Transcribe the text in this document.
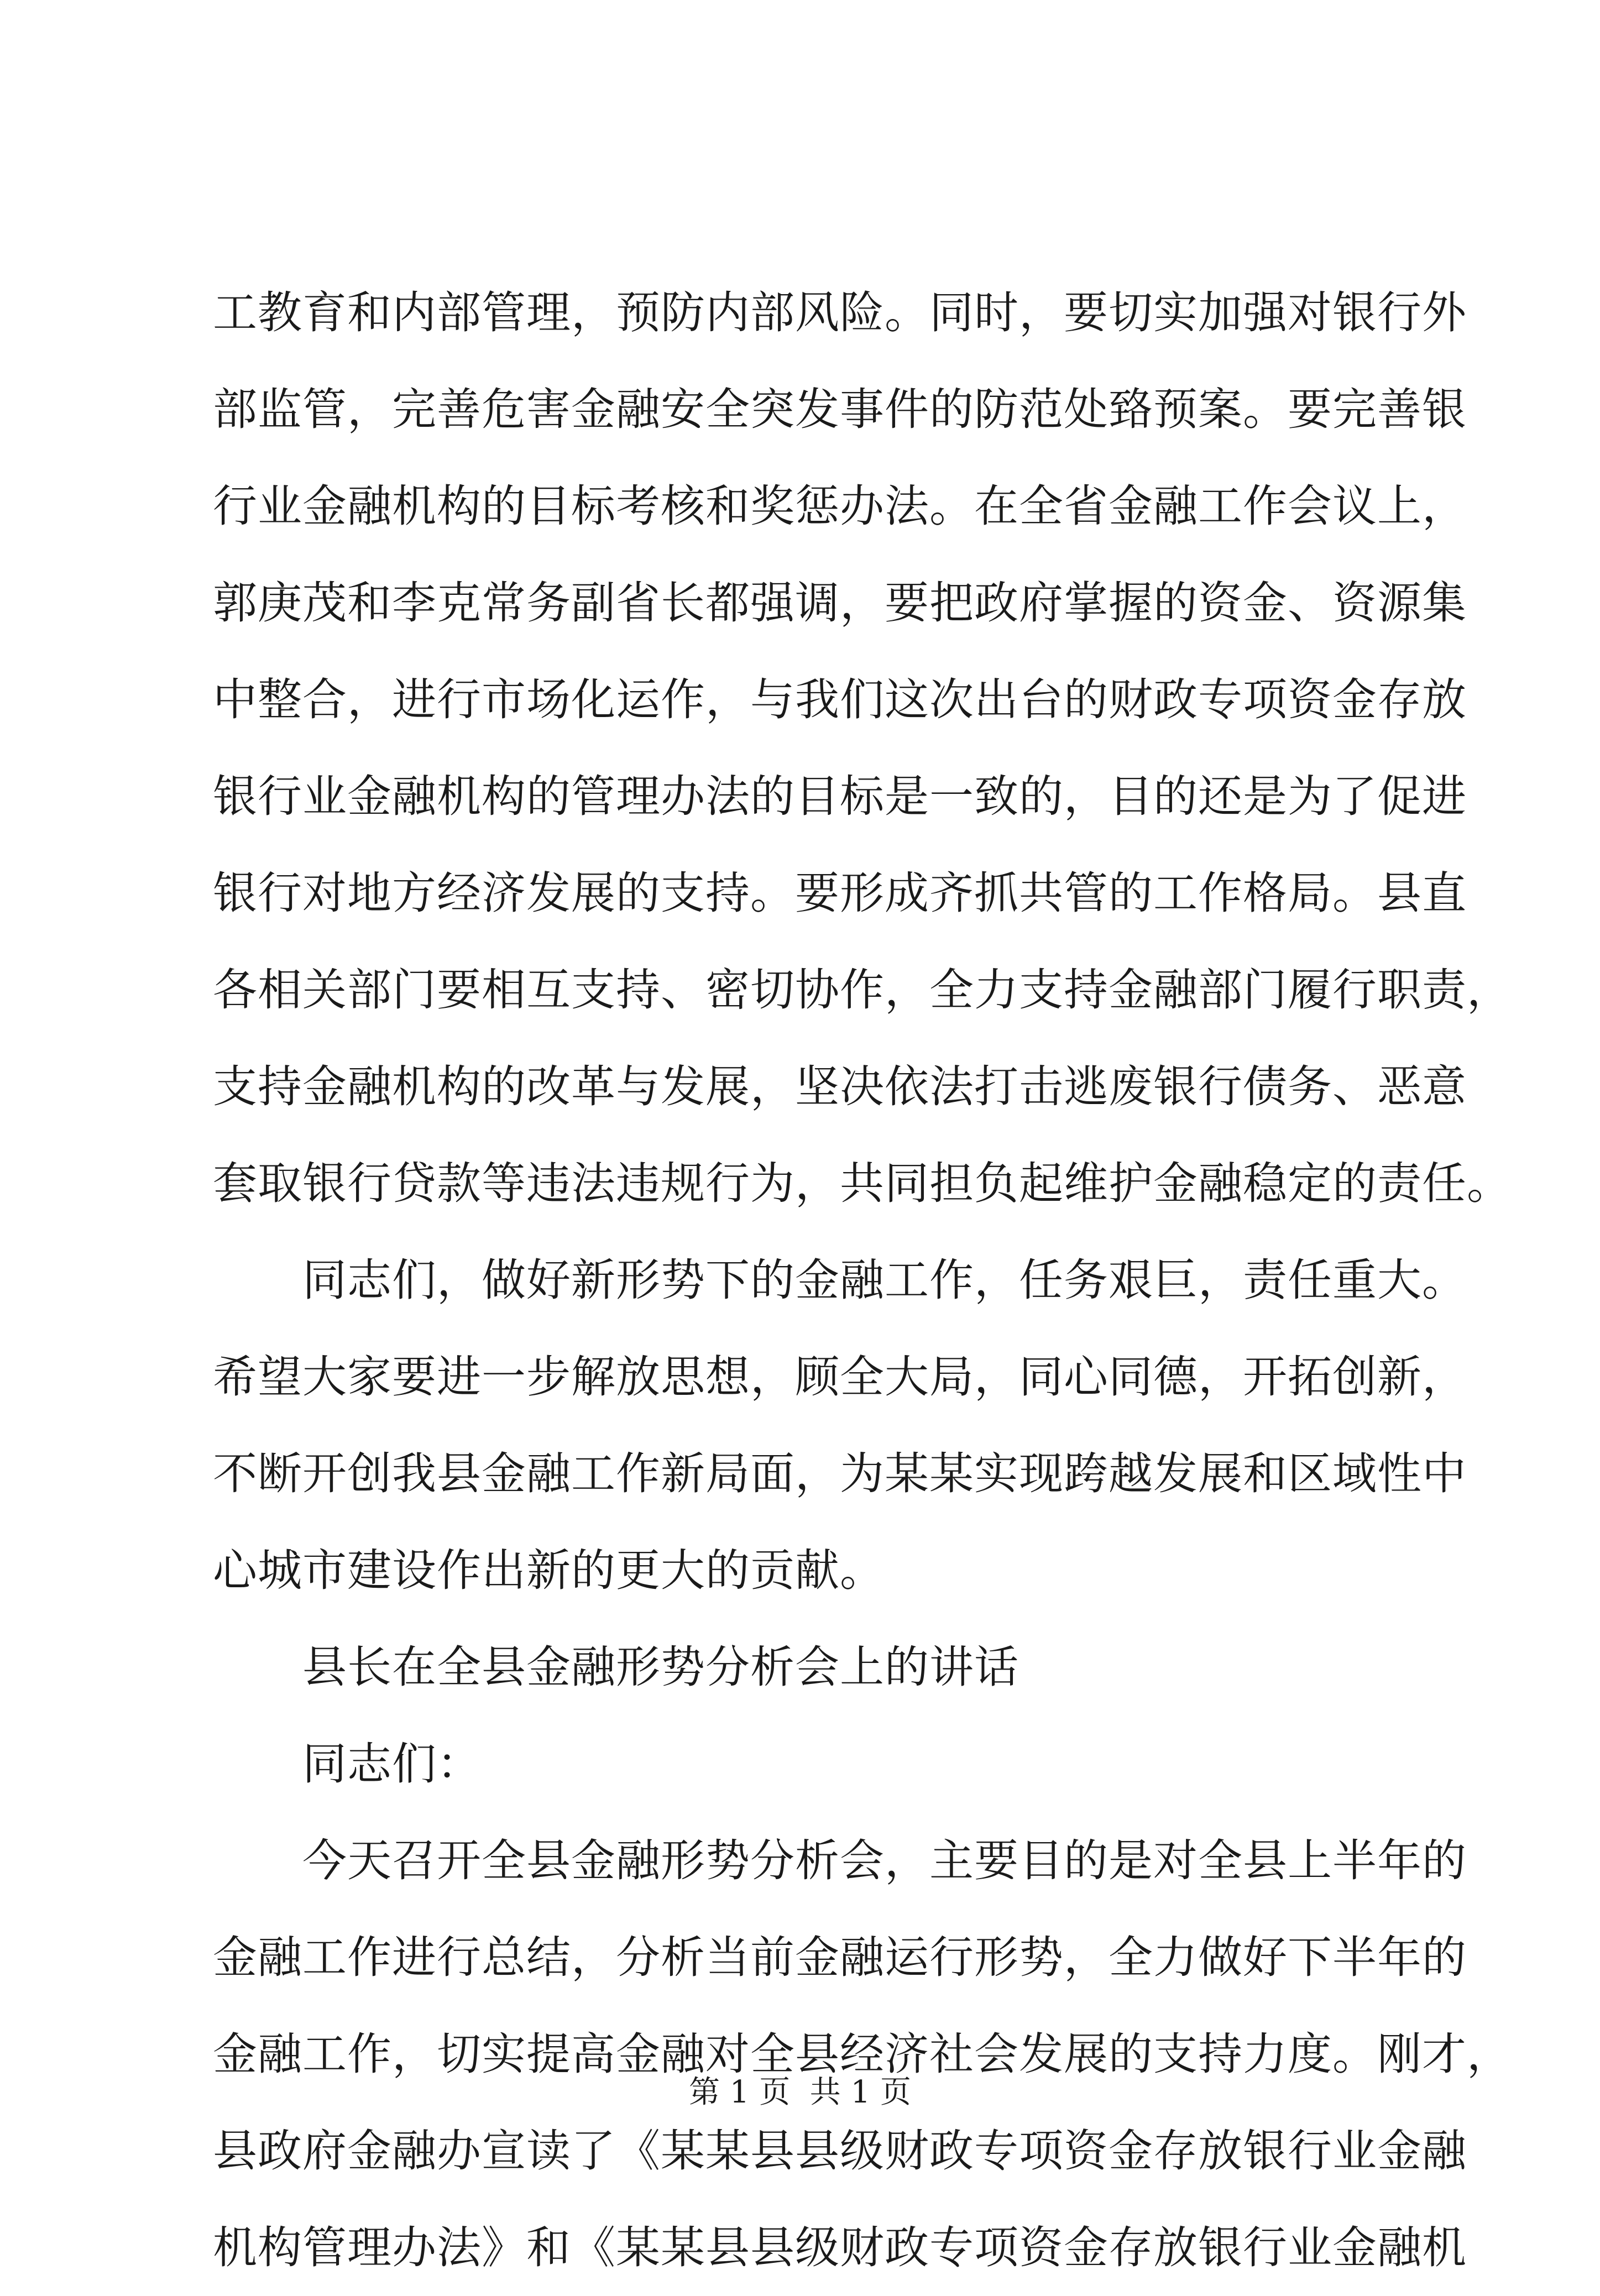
工教育和内部管理，预防内部风险。同时，要切实加强对银行外
部监管，完善危害金融安全突发事件的防范处臵预案。要完善银
行业金融机构的目标考核和奖惩办法。在全省金融工作会议上，
郭庚茂和李克常务副省长都强调，要把政府掌握的资金、资源集
中整合，进行市场化运作，与我们这次出台的财政专项资金存放
银行业金融机构的管理办法的目标是一致的，目的还是为了促进
银行对地方经济发展的支持。要形成齐抓共管的工作格局。县直
各相关部门要相互支持、密切协作，全力支持金融部门履行职责，
支持金融机构的改革与发展，坚决依法打击逃废银行债务、恶意
套取银行贷款等违法违规行为，共同担负起维护金融稳定的责任。
　　同志们，做好新形势下的金融工作，任务艰巨，责任重大。
希望大家要进一步解放思想，顾全大局，同心同德，开拓创新，
不断开创我县金融工作新局面，为某某实现跨越发展和区域性中
心城市建设作出新的更大的贡献。
　　县长在全县金融形势分析会上的讲话
　　同志们：
　　今天召开全县金融形势分析会，主要目的是对全县上半年的
金融工作进行总结，分析当前金融运行形势，全力做好下半年的
金融工作，切实提高金融对全县经济社会发展的支持力度。刚才，
县政府金融办宣读了《某某县县级财政专项资金存放银行业金融
机构管理办法》和《某某县县级财政专项资金存放银行业金融机
第 1 页  共 1 页
